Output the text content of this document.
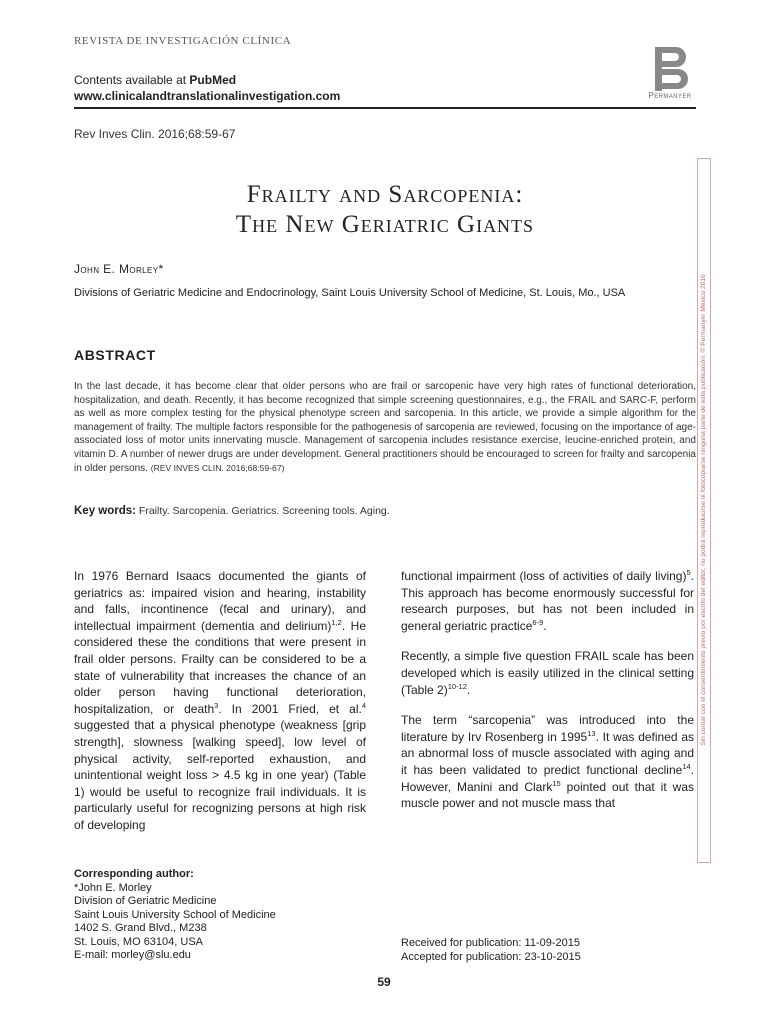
REVISTA DE INVESTIGACIÓN CLÍNICA
Contents available at PubMed
www.clinicalandtranslationalinvestigation.com	Permanyer
Rev Inves Clin. 2016;68:59-67
Frailty and Sarcopenia:
The New Geriatric Giants
John E. Morley*
Divisions of Geriatric Medicine and Endocrinology, Saint Louis University School of Medicine, St. Louis, Mo., USA
ABSTRACT
In the last decade, it has become clear that older persons who are frail or sarcopenic have very high rates of functional deterioration, hospitalization, and death. Recently, it has become recognized that simple screening questionnaires, e.g., the FRAIL and SARC-F, perform as well as more complex testing for the physical phenotype screen and sarcopenia. In this article, we provide a simple algorithm for the management of frailty. The multiple factors responsible for the pathogenesis of sarcopenia are reviewed, focusing on the importance of age-associated loss of motor units innervating muscle. Management of sarcopenia includes resistance exercise, leucine-enriched protein, and vitamin D. A number of newer drugs are under development. General practitioners should be encouraged to screen for frailty and sarcopenia in older persons. (REV INVES CLIN. 2016;68:59-67)
Key words: Frailty. Sarcopenia. Geriatrics. Screening tools. Aging.

In 1976 Bernard Isaacs documented the giants of geriatrics as: impaired vision and hearing, instability and falls, incontinence (fecal and urinary), and intellectual impairment (dementia and delirium)$^{1,2}$. He considered these the conditions that were present in frail older persons. Frailty can be considered to be a state of vulnerability that increases the chance of an older person having functional deterioration, hospitalization, or death$^3$. In 2001 Fried, et al.$^4$ suggested that a physical phenotype (weakness [grip strength], slowness [walking speed], low level of physical activity, self-reported exhaustion, and unintentional weight loss > 4.5 kg in one year) (Table 1) would be useful to recognize frail individuals. It is particularly useful for recognizing persons at high risk of developing

functional impairment (loss of activities of daily living)$^5$. This approach has become enormously successful for research purposes, but has not been included in general geriatric practice$^{6-9}$.

Recently, a simple five question FRAIL scale has been developed which is easily utilized in the clinical setting (Table 2)$^{10-12}$.

The term “sarcopenia” was introduced into the literature by Irv Rosenberg in 1995$^{13}$. It was defined as an abnormal loss of muscle associated with aging and it has been validated to predict functional decline$^{14}$. However, Manini and Clark$^{15}$ pointed out that it was muscle power and not muscle mass that

Corresponding author:
*John E. Morley
Division of Geriatric Medicine
Saint Louis University School of Medicine
1402 S. Grand Blvd., M238
St. Louis, MO 63104, USA
E-mail: morley@slu.edu
Received for publication: 11-09-2015
Accepted for publication: 23-10-2015
59
Sin contar con el consentimiento previo por escrito del editor, no podrá reproducirse ni fotocopiarse ninguna parte de esta publicación. © Permanyer México 2016
